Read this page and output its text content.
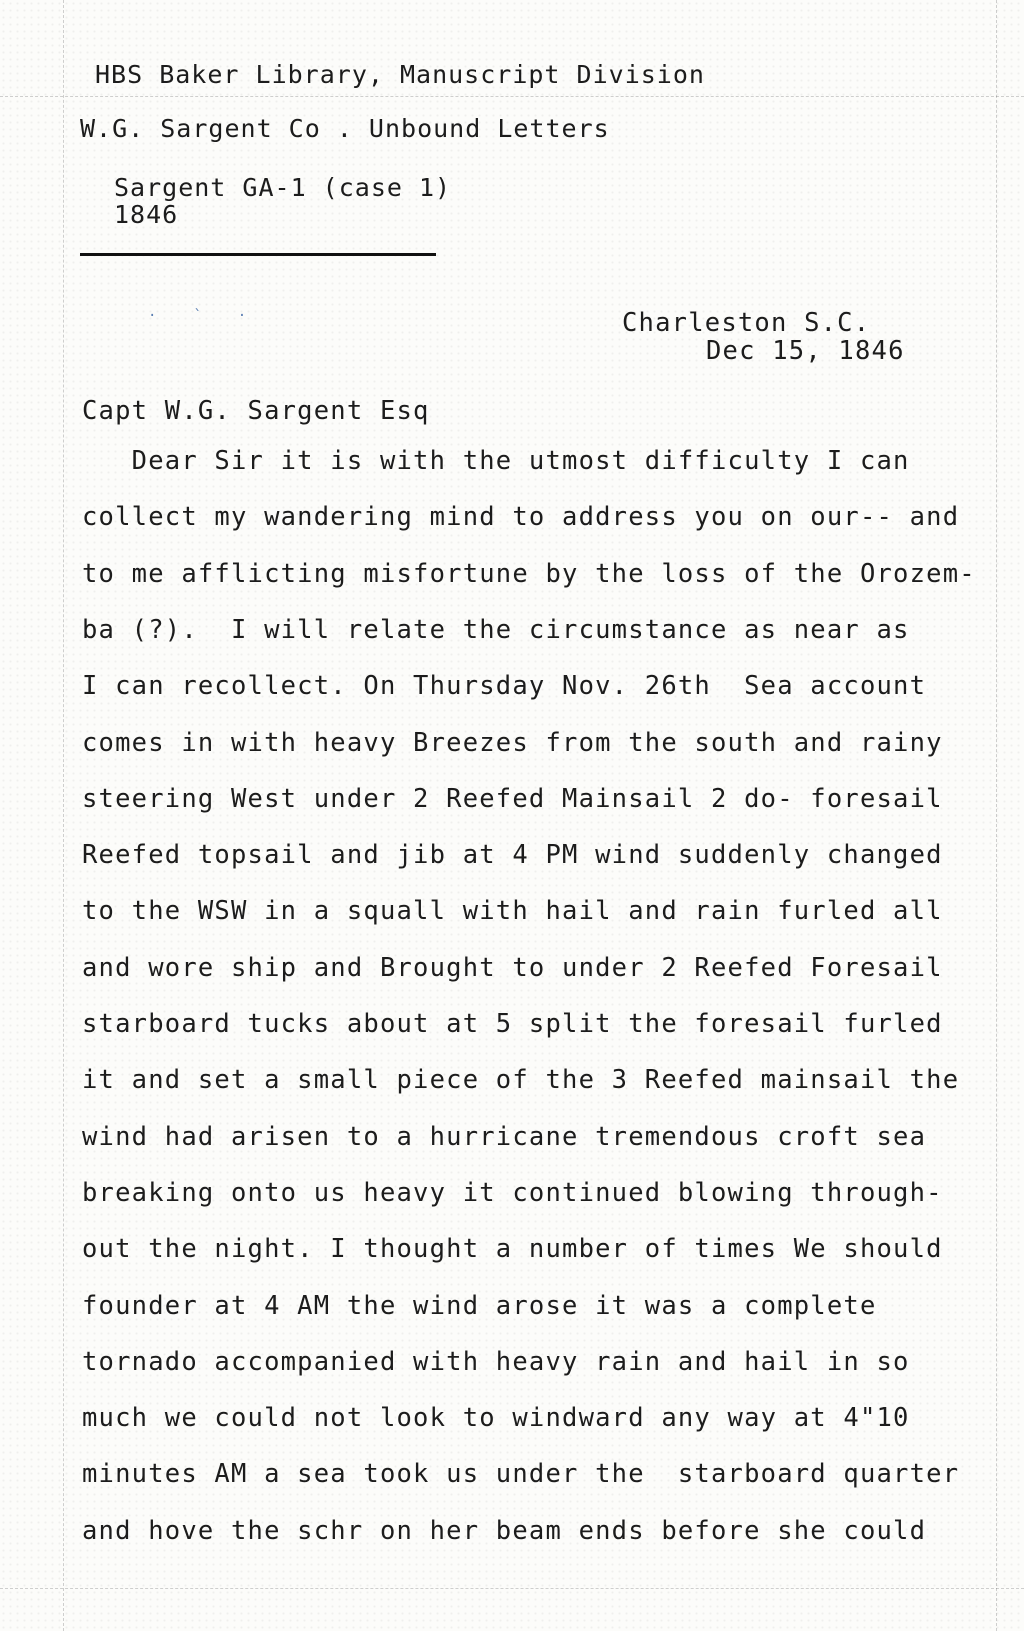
HBS Baker Library, Manuscript Division
W.G. Sargent Co . Unbound Letters
Sargent GA-1 (case 1)
1846
· ՝ ·	Charleston S.C.
Dec 15, 1846
Capt W.G. Sargent Esq
Dear Sir it is with the utmost difficulty I can
collect my wandering mind to address you on our-- and
to me afflicting misfortune by the loss of the Orozem-
ba (?).  I will relate the circumstance as near as
I can recollect. On Thursday Nov. 26th  Sea account
comes in with heavy Breezes from the south and rainy
steering West under 2 Reefed Mainsail 2 do- foresail
Reefed topsail and jib at 4 PM wind suddenly changed
to the WSW in a squall with hail and rain furled all
and wore ship and Brought to under 2 Reefed Foresail
starboard tucks about at 5 split the foresail furled
it and set a small piece of the 3 Reefed mainsail the
wind had arisen to a hurricane tremendous croft sea
breaking onto us heavy it continued blowing through-
out the night. I thought a number of times We should
founder at 4 AM the wind arose it was a complete
tornado accompanied with heavy rain and hail in so
much we could not look to windward any way at 4"10
minutes AM a sea took us under the  starboard quarter
and hove the schr on her beam ends before she could
